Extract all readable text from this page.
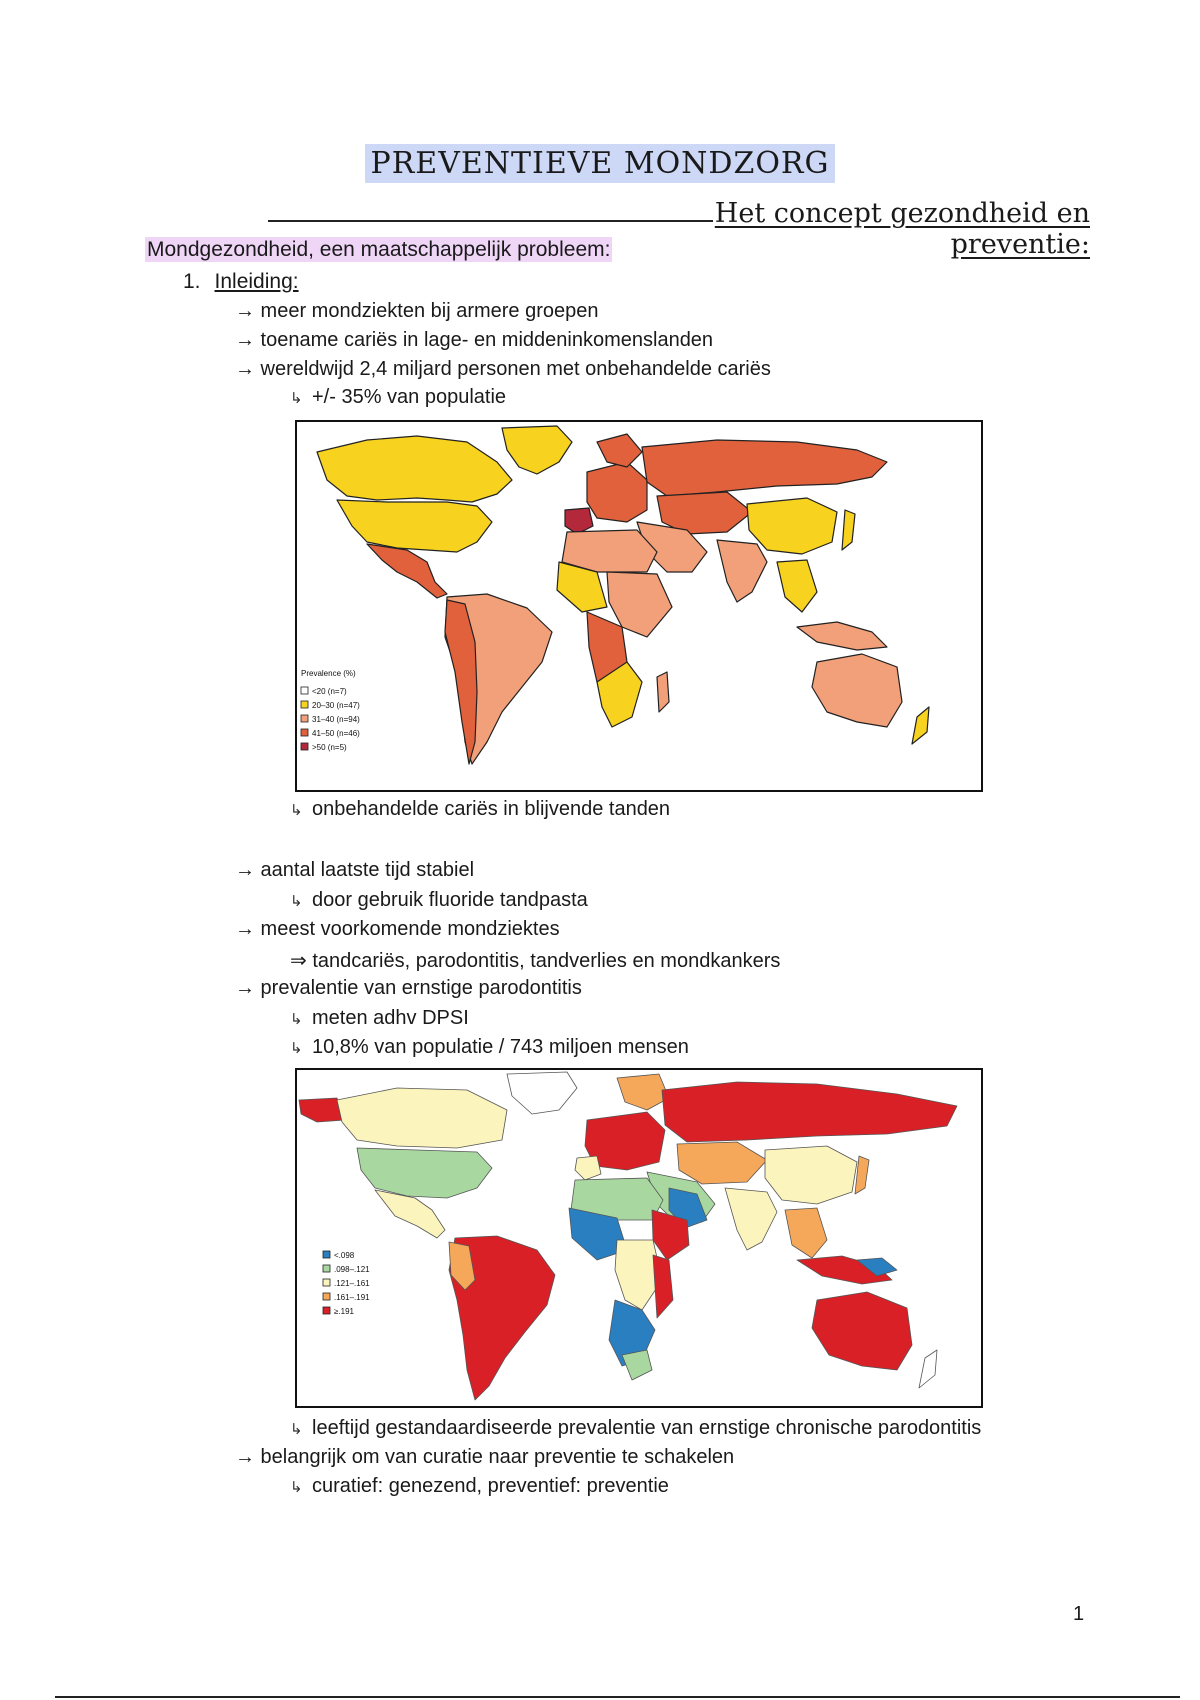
PREVENTIEVE MONDZORG
Het concept gezondheid en preventie:
Mondgezondheid, een maatschappelijk probleem:
1. Inleiding:
→ meer mondziekten bij armere groepen
→ toename cariës in lage- en middeninkomenslanden
→ wereldwijd 2,4 miljard personen met onbehandelde cariës
↳ +/- 35% van populatie
Prevalence (%)
<20 (n=7)
20–30 (n=47)
31–40 (n=94)
41–50 (n=46)
>50 (n=5)
↳ onbehandelde cariës in blijvende tanden
→ aantal laatste tijd stabiel
↳ door gebruik fluoride tandpasta
→ meest voorkomende mondziektes
⇒ tandcariës, parodontitis, tandverlies en mondkankers
→ prevalentie van ernstige parodontitis
↳ meten adhv DPSI
↳ 10,8% van populatie / 743 miljoen mensen
<.098
.098–.121
.121–.161
.161–.191
≥.191
↳ leeftijd gestandaardiseerde prevalentie van ernstige chronische parodontitis
→ belangrijk om van curatie naar preventie te schakelen
↳ curatief: genezend, preventief: preventie
1
